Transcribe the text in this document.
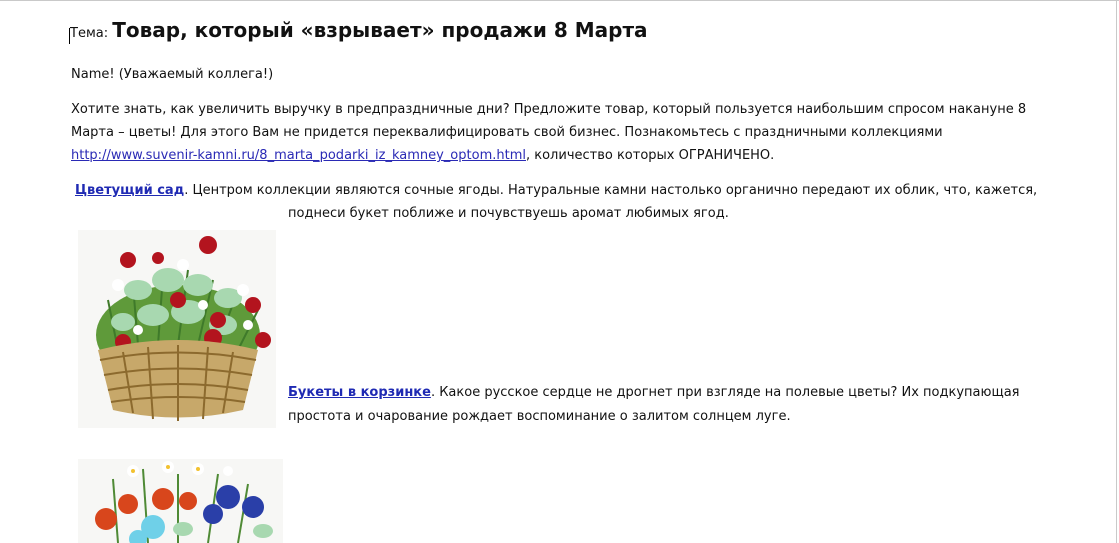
Тема: Товар, который «взрывает» продажи 8 Марта
Name! (Уважаемый коллега!)
Хотите знать, как увеличить выручку в предпраздничные дни? Предложите товар, который пользуется наибольшим спросом накануне 8
Марта – цветы! Для этого Вам не придется переквалифицировать свой бизнес. Познакомьтесь с праздничными коллекциями
http://www.suvenir-kamni.ru/8_marta_podarki_iz_kamney_optom.html, количество которых ОГРАНИЧЕНО.
Цветущий сад. Центром коллекции являются сочные ягоды. Натуральные камни настолько органично передают их облик, что, кажется,
поднеси букет поближе и почувствуешь аромат любимых ягод.
Букеты в корзинке. Какое русское сердце не дрогнет при взгляде на полевые цветы? Их подкупающая
простота и очарование рождает воспоминание о залитом солнцем луге.
